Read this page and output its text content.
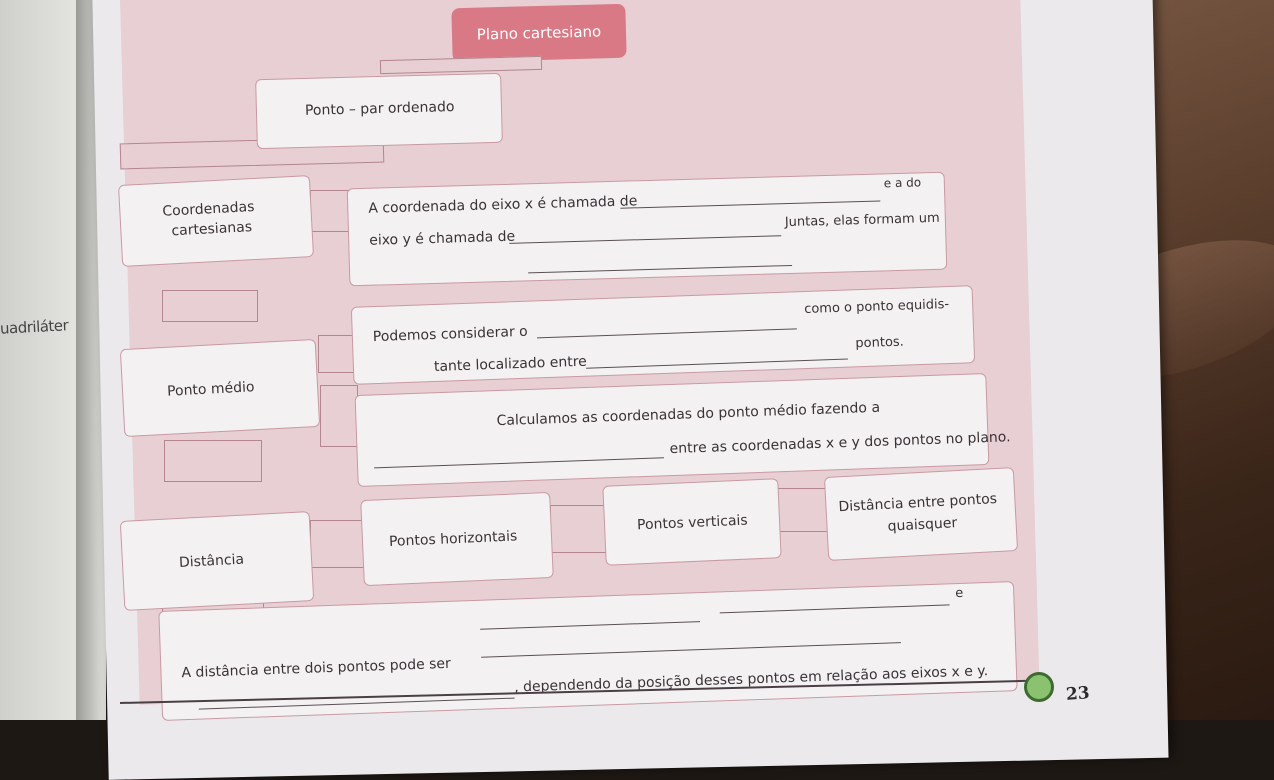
uadriláter
Plano cartesiano
Ponto – par ordenado
Coordenadas
cartesianas
A coordenada do eixo x é chamada de
e a do
eixo y é chamada de
Juntas, elas formam um
Ponto médio
Podemos considerar o
como o ponto equidis-
tante localizado entre
pontos.
Calculamos as coordenadas do ponto médio fazendo a
entre as coordenadas x e y dos pontos no plano.
Distância
Pontos horizontais
Pontos verticais
Distância entre pontos
quaisquer
e
A distância entre dois pontos pode ser	, dependendo da posição desses pontos em relação aos eixos x e y.	23
